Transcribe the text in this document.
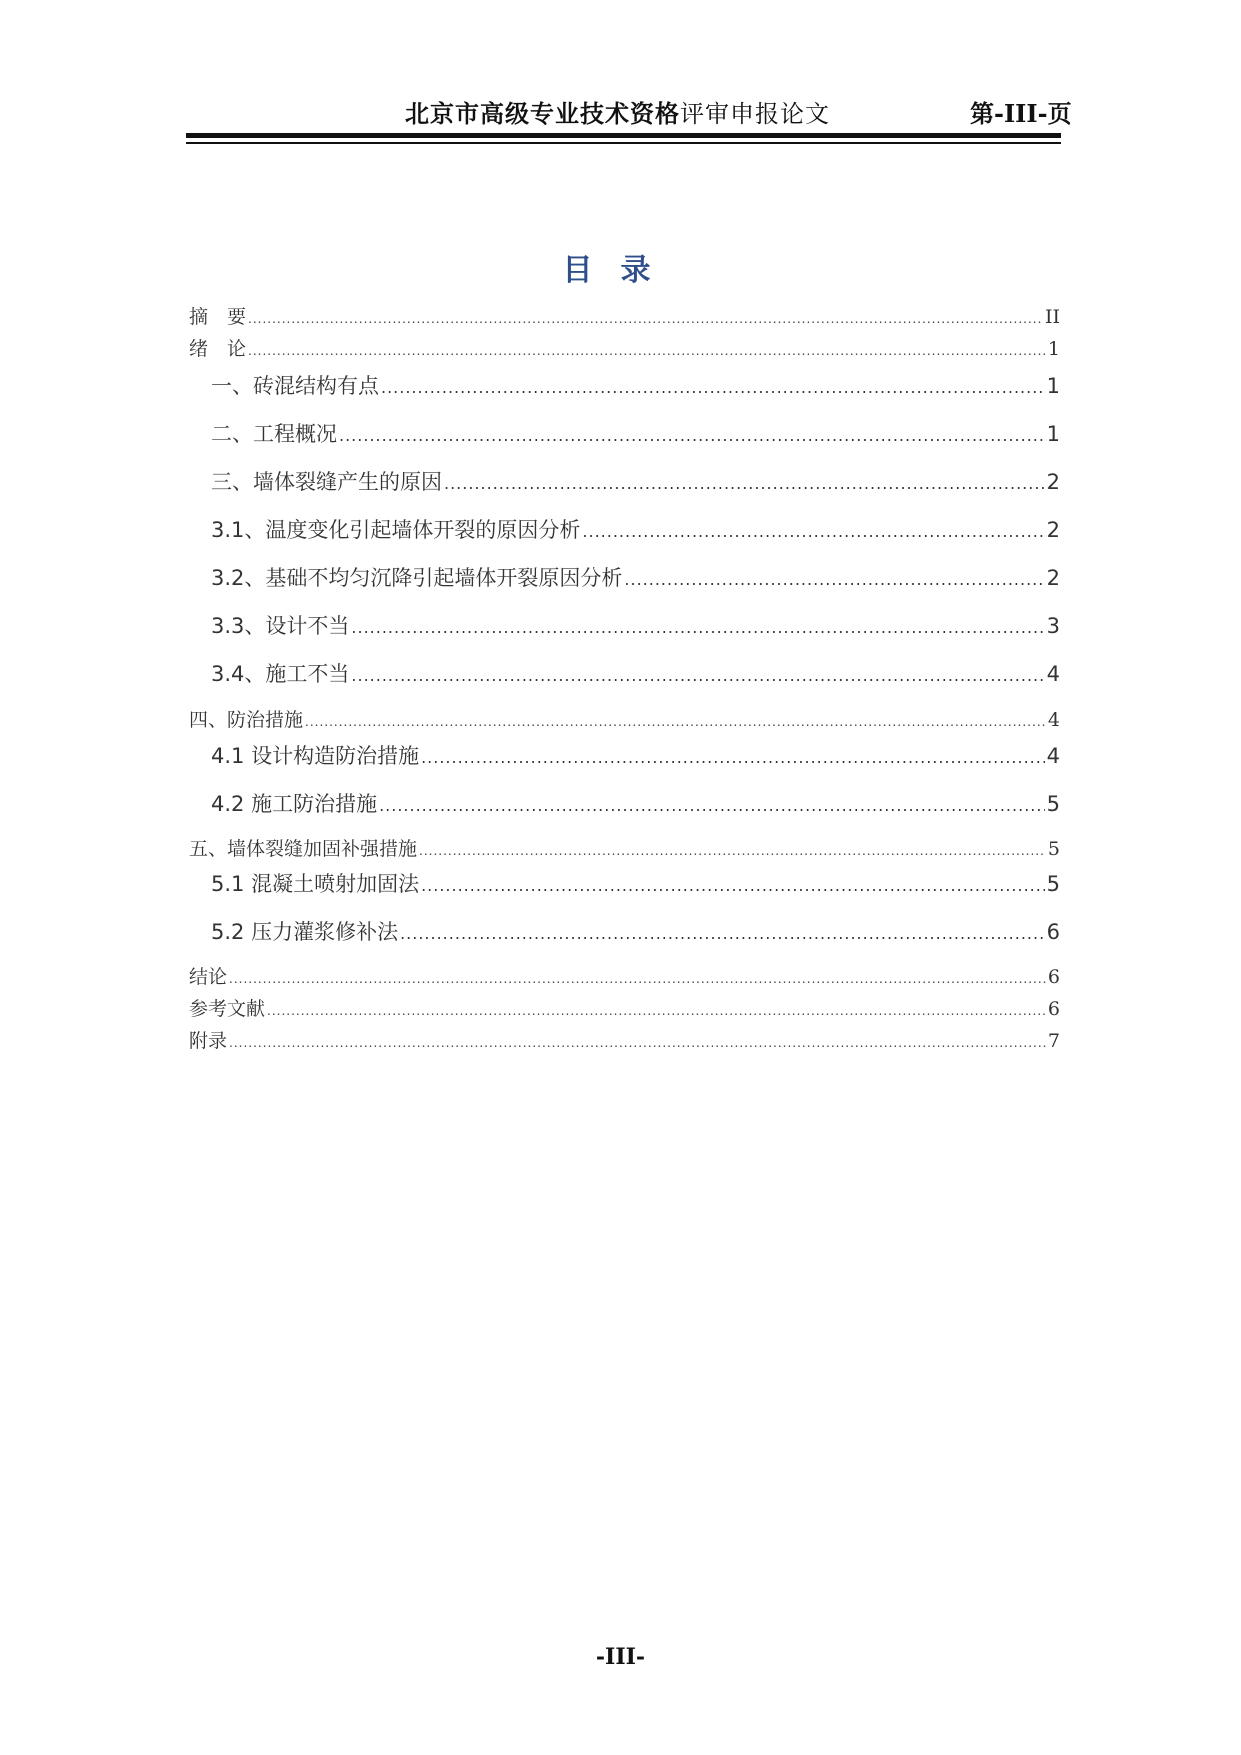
北京市高级专业技术资格评审申报论文	第-III-页
目录
摘　要 .....	II
绪　论 .....	1
一、砖混结构有点 .....	1
二、工程概况 .....	1
三、墙体裂缝产生的原因 .....	2
3.1、温度变化引起墙体开裂的原因分析 .....	2
3.2、基础不均匀沉降引起墙体开裂原因分析 .....	2
3.3、设计不当 .....	3
3.4、施工不当 .....	4
四、防治措施 .....	4
4.1 设计构造防治措施 .....	4
4.2 施工防治措施 .....	5
五、墙体裂缝加固补强措施 .....	5
5.1 混凝土喷射加固法 .....	5
5.2 压力灌浆修补法 .....	6
结论 .....	6
参考文献 .....	6
附录 .....	7
-III-
